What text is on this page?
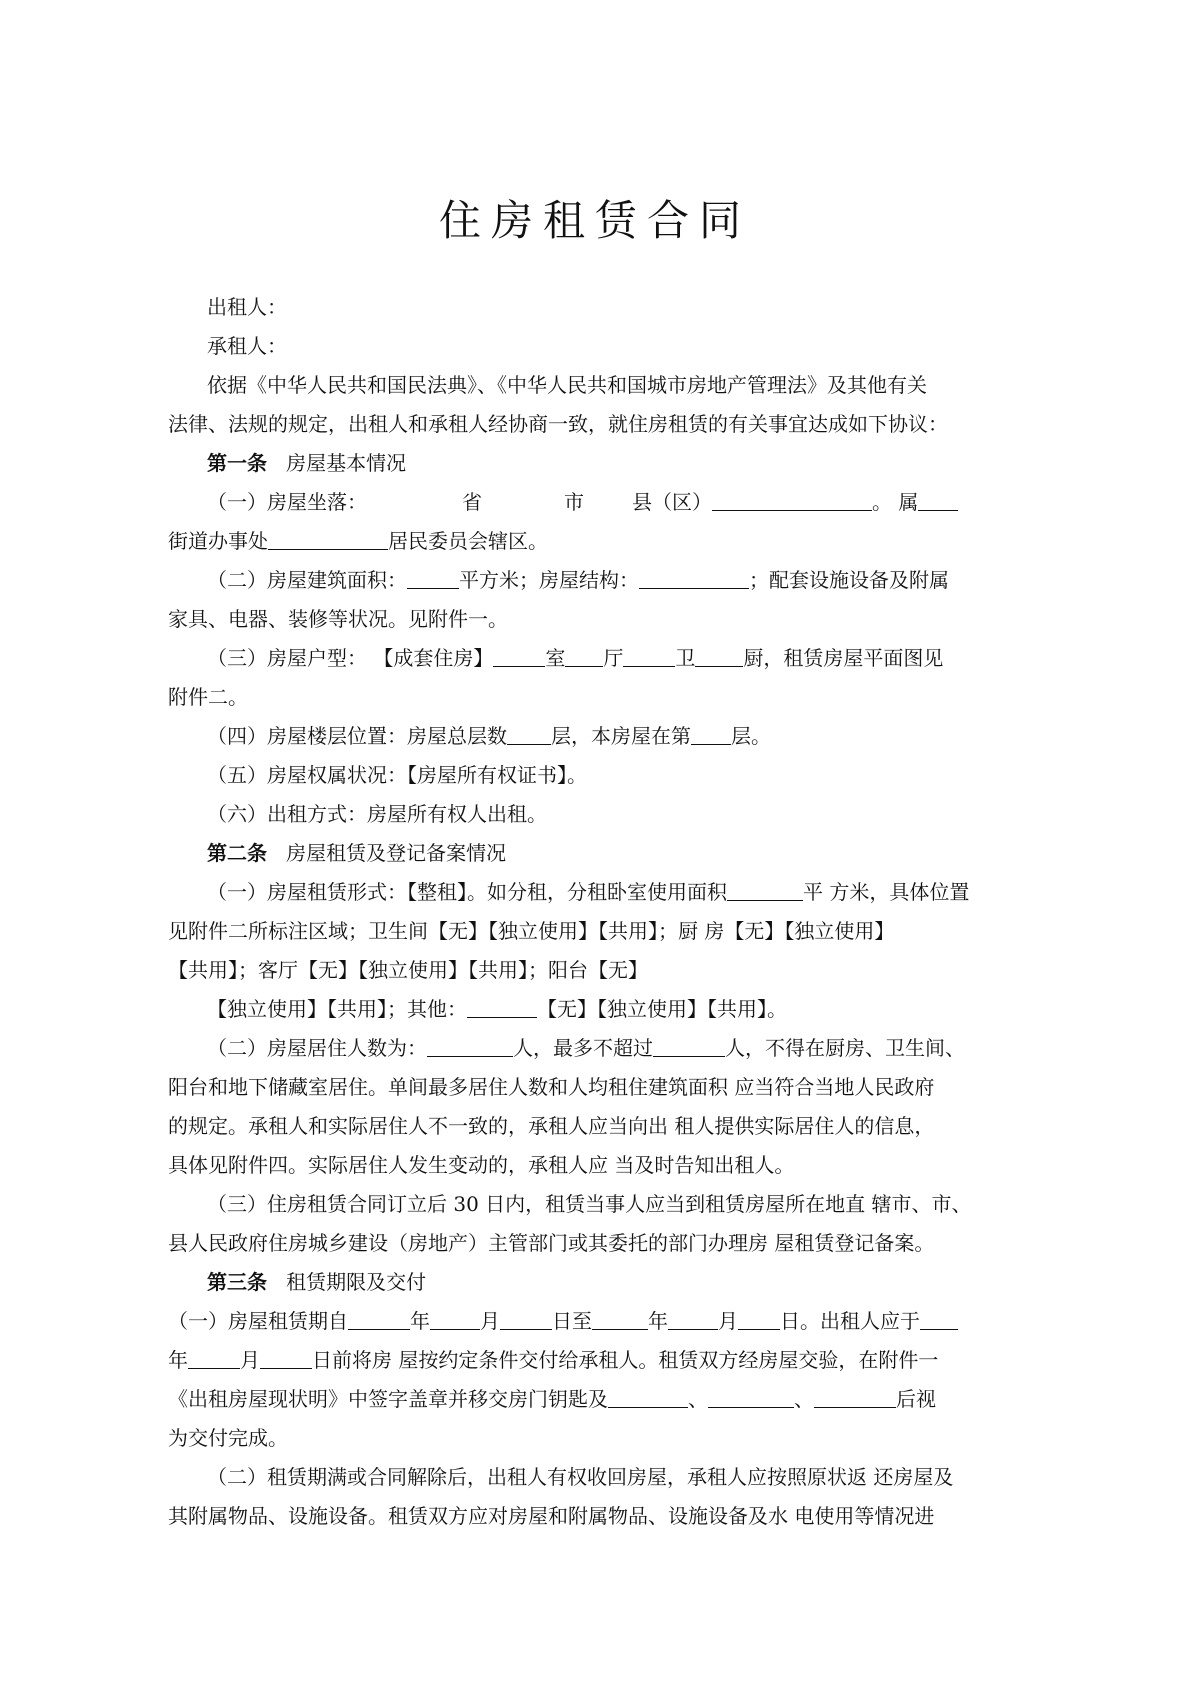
住房租赁合同
出租人：
承租人：
依据《中华人民共和国民法典》、《中华人民共和国城市房地产管理法》及其他有关
法律、法规的规定，出租人和承租人经协商一致，就住房租赁的有关事宜达成如下协议：
第一条 房屋基本情况
（一）房屋坐落：	省	市 县（区）	。 属
街道办事处	居民委员会辖区。
（二）房屋建筑面积：	平方米；房屋结构：	；配套设施设备及附属
家具、电器、装修等状况。见附件一。
（三）房屋户型： 【成套住房】	室 厅	卫 厨，租赁房屋平面图见
附件二。
（四）房屋楼层位置：房屋总层数 层，本房屋在第 层。
（五）房屋权属状况：【房屋所有权证书】。
（六）出租方式：房屋所有权人出租。
第二条 房屋租赁及登记备案情况
（一）房屋租赁形式：【整租】。如分租，分租卧室使用面积	平 方米，具体位置
见附件二所标注区域；卫生间【无】【独立使用】【共用】；厨 房【无】【独立使用】
【共用】；客厅【无】【独立使用】【共用】；阳台【无】
【独立使用】【共用】；其他：	【无】【独立使用】【共用】。
（二）房屋居住人数为：	人，最多不超过	人，不得在厨房、卫生间、
阳台和地下储藏室居住。单间最多居住人数和人均租住建筑面积 应当符合当地人民政府
的规定。承租人和实际居住人不一致的，承租人应当向出 租人提供实际居住人的信息，
具体见附件四。实际居住人发生变动的，承租人应 当及时告知出租人。
（三）住房租赁合同订立后 30 日内，租赁当事人应当到租赁房屋所在地直 辖市、市、
县人民政府住房城乡建设（房地产）主管部门或其委托的部门办理房 屋租赁登记备案。
第三条 租赁期限及交付
（一）房屋租赁期自	年	月	日至	年	月 日。出租人应于
年	月	日前将房 屋按约定条件交付给承租人。租赁双方经房屋交验，在附件一
《出租房屋现状明》中签字盖章并移交房门钥匙及	、	、	后视
为交付完成。
（二）租赁期满或合同解除后，出租人有权收回房屋，承租人应按照原状返 还房屋及
其附属物品、设施设备。租赁双方应对房屋和附属物品、设施设备及水 电使用等情况进
